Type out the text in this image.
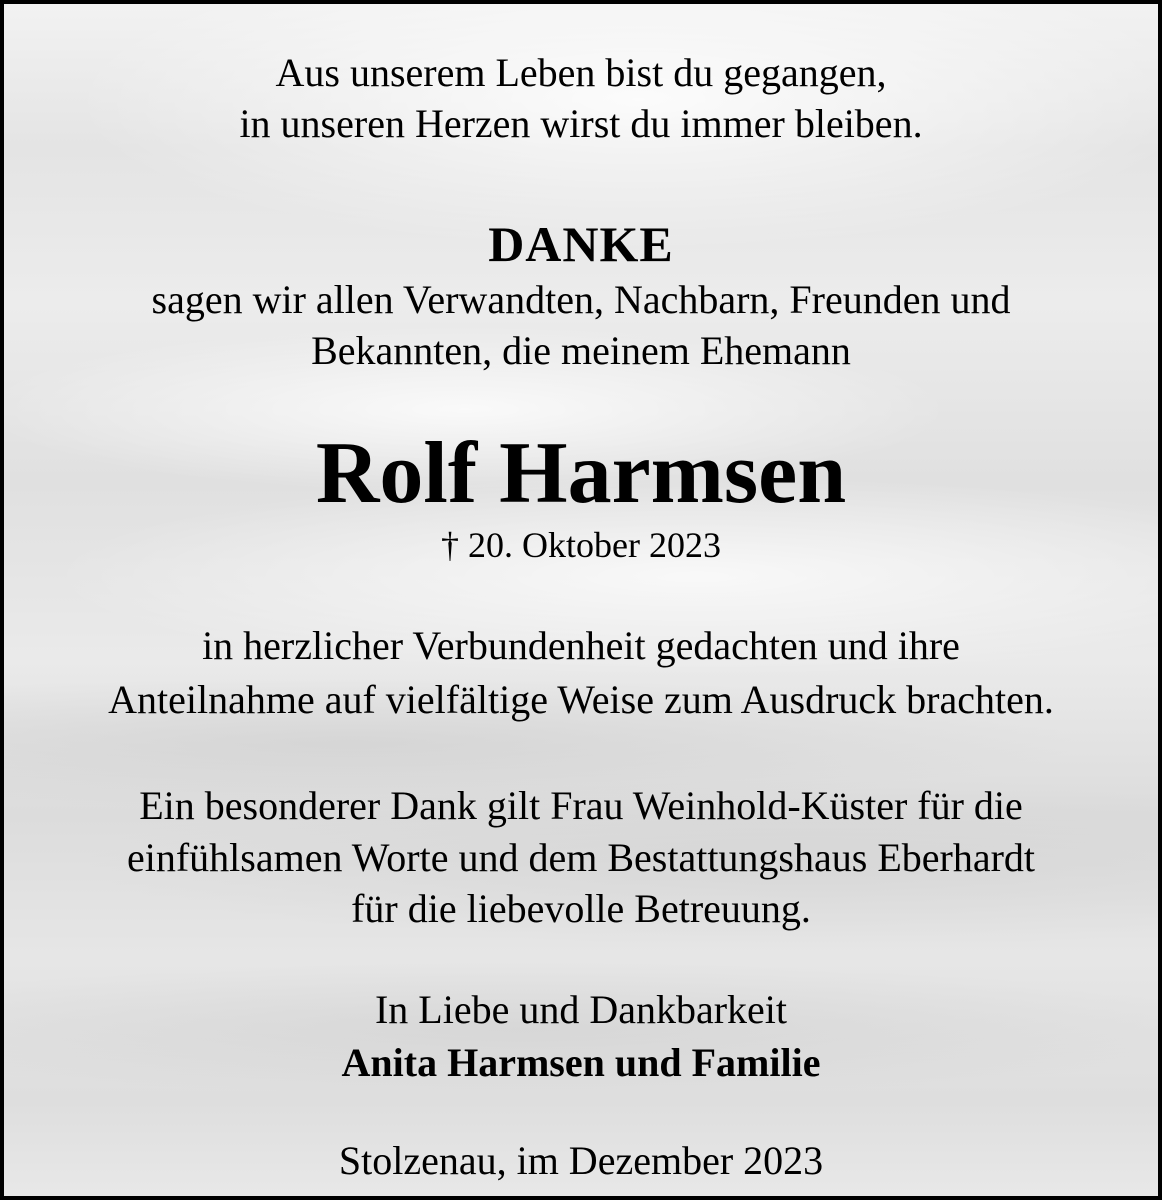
Aus unserem Leben bist du gegangen,

in unseren Herzen wirst du immer bleiben.

DANKE

sagen wir allen Verwandten, Nachbarn, Freunden und

Bekannten, die meinem Ehemann

Rolf Harmsen

† 20. Oktober 2023

in herzlicher Verbundenheit gedachten und ihre

Anteilnahme auf vielfältige Weise zum Ausdruck brachten.

Ein besonderer Dank gilt Frau Weinhold-Küster für die

einfühlsamen Worte und dem Bestattungshaus Eberhardt

für die liebevolle Betreuung.

In Liebe und Dankbarkeit

Anita Harmsen und Familie

Stolzenau, im Dezember 2023
